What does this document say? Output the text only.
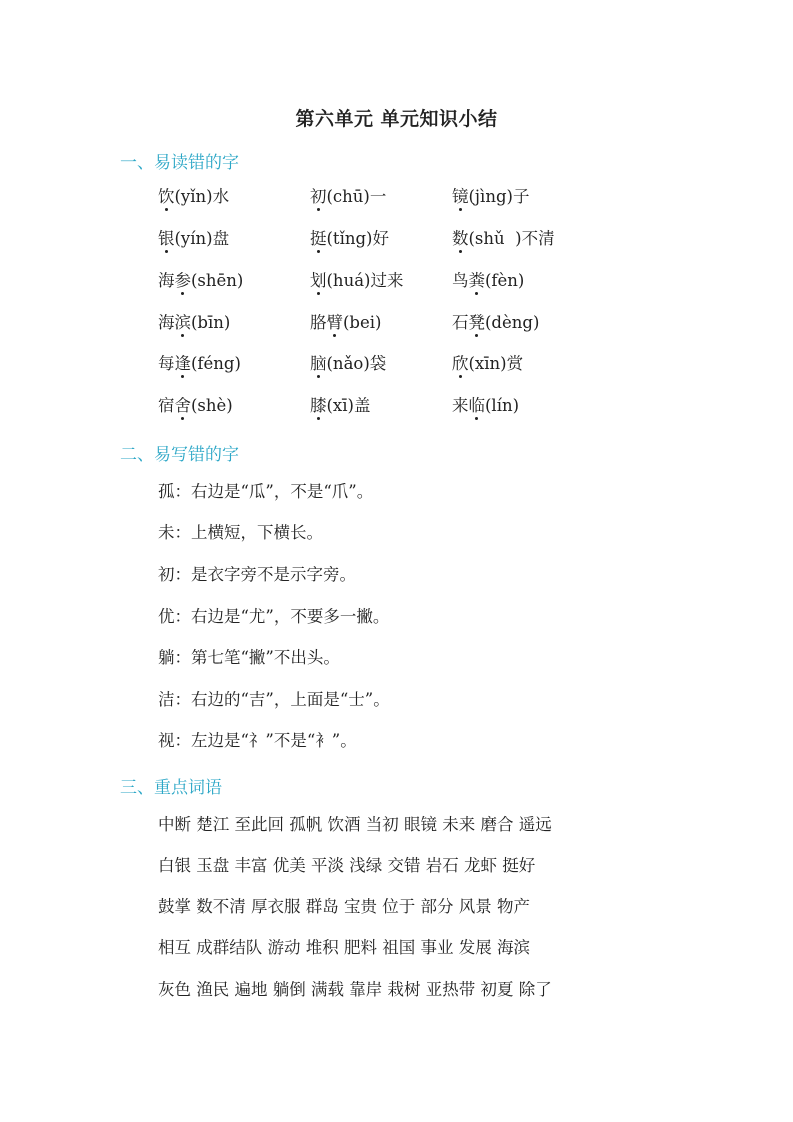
第六单元 单元知识小结
一、易读错的字
饮(yǐn)水	初(chū)一	镜(jìng)子
银(yín)盘	挺(tǐng)好	数(shǔ  )不清
海参(shēn)	划(huá)过来	鸟粪(fèn)
海滨(bīn)	胳臂(bei)	石凳(dèng)
每逢(féng)	脑(nǎo)袋	欣(xīn)赏
宿舍(shè)	膝(xī)盖	来临(lín)
二、易写错的字
孤：右边是“瓜”，不是“爪”。
未：上横短，下横长。
初：是衣字旁不是示字旁。
优：右边是“尤”，不要多一撇。
躺：第七笔“撇”不出头。
洁：右边的“吉”，上面是“士”。
视：左边是“礻”不是“衤”。
三、重点词语
中断 楚江 至此回 孤帆 饮酒 当初 眼镜 未来 磨合 遥远
白银 玉盘 丰富 优美 平淡 浅绿 交错 岩石 龙虾 挺好
鼓掌 数不清 厚衣服 群岛 宝贵 位于 部分 风景 物产
相互 成群结队 游动 堆积 肥料 祖国 事业 发展 海滨
灰色 渔民 遍地 躺倒 满载 靠岸 栽树 亚热带 初夏 除了
